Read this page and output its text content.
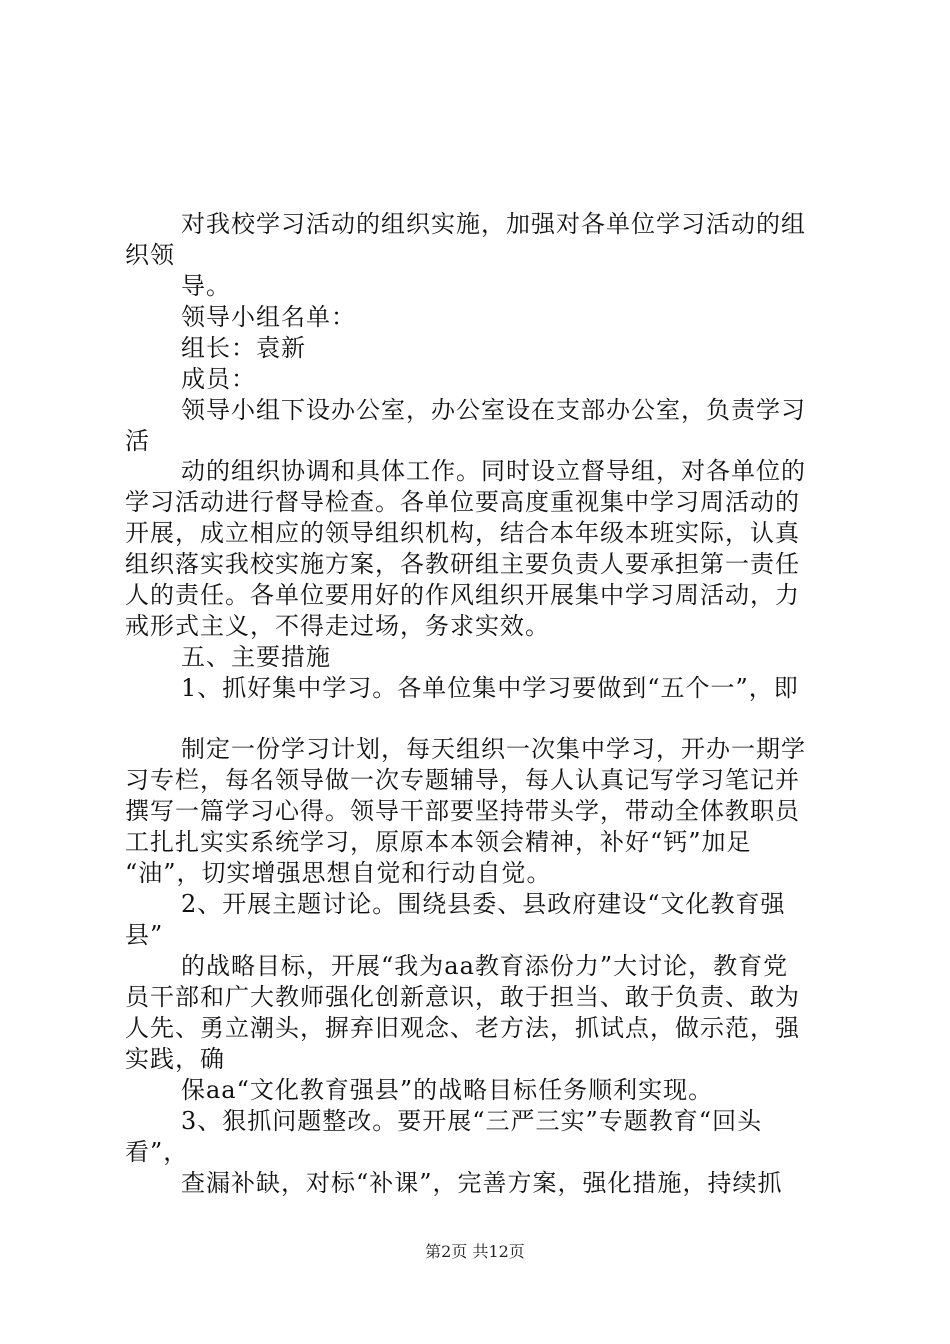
对我校学习活动的组织实施，加强对各单位学习活动的组
织领
导。
领导小组名单：
组长：袁新
成员：
领导小组下设办公室，办公室设在支部办公室，负责学习
活
动的组织协调和具体工作。同时设立督导组，对各单位的
学习活动进行督导检查。各单位要高度重视集中学习周活动的
开展，成立相应的领导组织机构，结合本年级本班实际，认真
组织落实我校实施方案，各教研组主要负责人要承担第一责任
人的责任。各单位要用好的作风组织开展集中学习周活动，力
戒形式主义，不得走过场，务求实效。
五、主要措施
1、抓好集中学习。各单位集中学习要做到“五个一”，即
制定一份学习计划，每天组织一次集中学习，开办一期学
习专栏，每名领导做一次专题辅导，每人认真记写学习笔记并
撰写一篇学习心得。领导干部要坚持带头学，带动全体教职员
工扎扎实实系统学习，原原本本领会精神，补好“钙”加足
“油”，切实增强思想自觉和行动自觉。
2、开展主题讨论。围绕县委、县政府建设“文化教育强
县”
的战略目标，开展“我为aa教育添份力”大讨论，教育党
员干部和广大教师强化创新意识，敢于担当、敢于负责、敢为
人先、勇立潮头，摒弃旧观念、老方法，抓试点，做示范，强
实践，确
保aa“文化教育强县”的战略目标任务顺利实现。
3、狠抓问题整改。要开展“三严三实”专题教育“回头
看”，
查漏补缺，对标“补课”，完善方案，强化措施，持续抓
第2页 共12页
